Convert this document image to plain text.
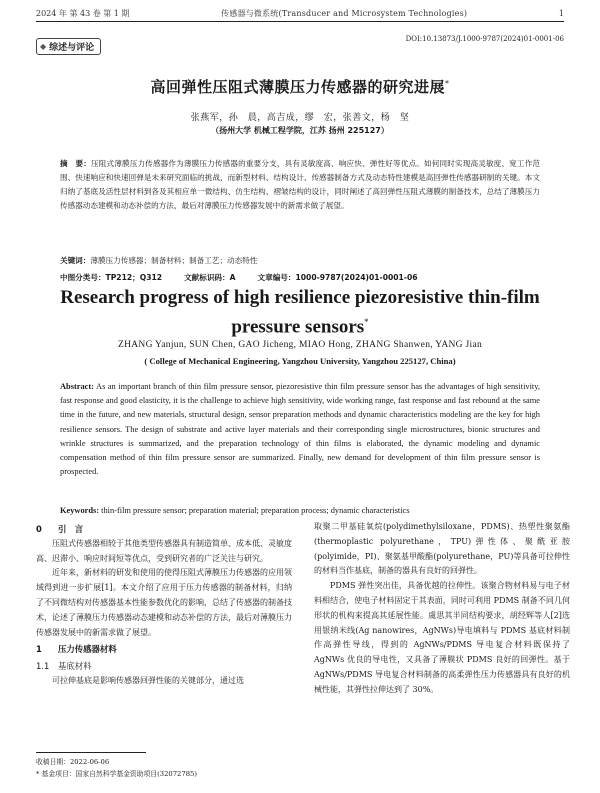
2024 年 第 43 卷 第 1 期	传感器与微系统(Transducer and Microsystem Technologies)	1
◆ 综述与评论
DOI:10.13873/J.1000-9787(2024)01-0001-06
高回弹性压阻式薄膜压力传感器的研究进展*
张燕军，孙　晨，高吉成，缪　宏，张善文，杨　坚
（扬州大学 机械工程学院，江苏 扬州 225127）
摘　要：压阻式薄膜压力传感器作为薄膜压力传感器的重要分支，具有灵敏度高、响应快、弹性好等优点。如何同时实现高灵敏度、宽工作范围、快速响应和快速回弹是未来研究面临的挑战，而新型材料、结构设计、传感器制备方式及动态特性建模是高回弹性传感器研制的关键。本文归纳了基底及活性层材料到各及其相应单一微结构、仿生结构、褶皱结构的设计，同时阐述了高回弹性压阻式薄膜的制备技术，总结了薄膜压力传感器动态建模和动态补偿的方法，最后对薄膜压力传感器发展中的新需求做了展望。
关键词：薄膜压力传感器；制备材料；制备工艺；动态特性
中图分类号：TP212；Q312	文献标识码：A	文章编号：1000-9787(2024)01-0001-06
Research progress of high resilience piezoresistive thin-film pressure sensors*
ZHANG Yanjun, SUN Chen, GAO Jicheng, MIAO Hong, ZHANG Shanwen, YANG Jian
( College of Mechanical Engineering, Yangzhou University, Yangzhou 225127, China)
Abstract: As an important branch of thin film pressure sensor, piezoresistive thin film pressure sensor has the advantages of high sensitivity, fast response and good elasticity, it is the challenge to achieve high sensitivity, wide working range, fast response and fast rebound at the same time in the future, and new materials, structural design, sensor preparation methods and dynamic characteristics modeling are the key for high resilience sensors. The design of substrate and active layer materials and their corresponding single microstructures, bionic structures and wrinkle structures is summarized, and the preparation technology of thin films is elaborated, the dynamic modeling and dynamic compensation method of thin film pressure sensor are summarized. Finally, new demand for development of thin film pressure sensor is prospected.
Keywords: thin-film pressure sensor; preparation material; preparation process; dynamic characteristics
0 引　言

压阻式传感器相较于其他类型传感器具有制造简单、成本低、灵敏度高、迟滞小、响应时间短等优点，受到研究者的广泛关注与研究。

近年来，新材料的研发和使用的使得压阻式薄膜压力传感器的应用领域得到进一步扩展[1]。本文介绍了应用于压力传感器的制备材料，归纳了不同微结构对传感器基本性能参数优化的影响，总结了传感器的制备技术，论述了薄膜压力传感器动态建模和动态补偿的方法，最后对薄膜压力传感器发展中的新需求做了展望。

1 压力传感器材料
1.1 基底材料

可拉伸基底是影响传感器回弹性能的关键部分，通过选

取聚二甲基硅氧烷(polydimethylsiloxane，PDMS)、热塑性聚氨酯(thermoplastic polyurethane，TPU)弹性体、聚酰亚胺(polyimide，PI)、聚氨基甲酸酯(polyurethane，PU)等具备可拉伸性的材料当作基底，制备的器具有良好的回弹性。

PDMS 弹性突出佳，具备优越的拉伸性。该聚合物材料易与电子材料相结合，使电子材料固定于其表面，同时可利用 PDMS 制备不同几何形状的机构来提高其延展性能。虞思其半同结构要求，胡经辉等人[2]选用银纳米线(Ag nanowires，AgNWs)导电填料与 PDMS 基底材料制作高弹性导线，得到的 AgNWs/PDMS 导电复合材料既保持了 AgNWs 优良的导电性，又具备了薄膜状 PDMS 良好的回弹性。基于 AgNWs/PDMS 导电复合材料制备的高柔弹性压力传感器具有良好的机械性能，其弹性拉伸达到了 30%。

收稿日期：2022-06-06
* 基金项目：国家自然科学基金资助项目(32072785)
